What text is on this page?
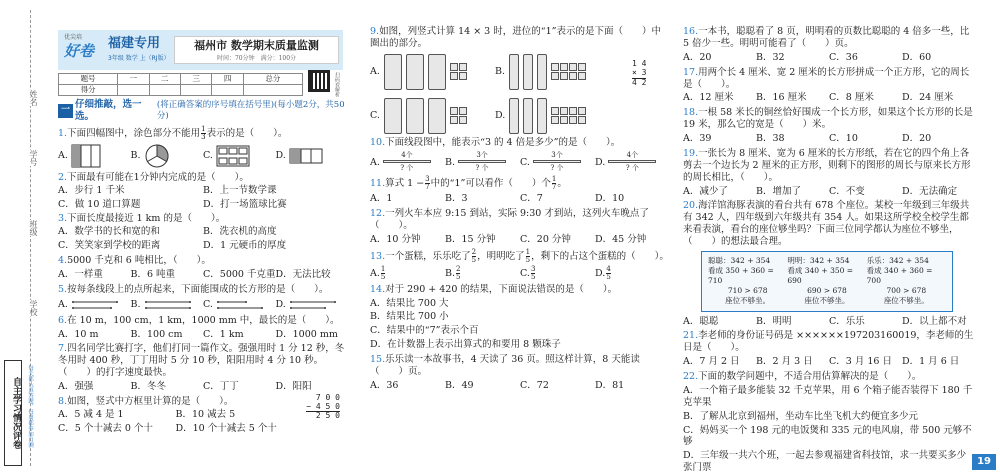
姓名
学号
班级
学校
自主学习情况评卷	每天都认真答题，每周都参加自测
优尖培
好卷	福建专用
3年级 数学 上（RJ版）
福州市 数学期末质量监测
时间：70分钟　满分：100分
题号	一	二	三	四	总分
得分						扫码看解析
一
仔细推敲，选一选。
(将正确答案的序号填在括号里)(每小题2分，共50分)
1.下面四幅图中，涂色部分不能用 $\frac{1}{3}$ 表示的是（　　）。
A.	B.	C.	D.
2.下面最有可能在1分钟内完成的是（　　）。
A．步行 1 千米	B．上一节数学课
C．做 10 道口算题	D．打一场篮球比赛
3.下面长度最接近 1 km 的是（　　）。
A．数学书的长和宽的和	B．洗衣机的高度
C．笑笑家到学校的距离	D．1 元硬币的厚度
4.5000 千克和 6 吨相比，（　　）。
A．一样重	B．6 吨重	C．5000 千克重 D．无法比较
5.按每条线段上的点所起来，下面能围成的长方形的是（　　）。
A.	B.	C.	D.
6.在 10 m，100 cm，1 km，1000 mm 中，最长的是（　　）。
A．10 m	B．100 cm	C．1 km	D．1000 mm
7.四名同学比赛打字，他们打同一篇作文。强强用时 1 分 12 秒，冬冬用时 400 秒，丁丁用时 5 分 10 秒，阳阳用时 4 分 10 秒。（　　）的打字速度最快。
A．强强	B．冬冬	C．丁丁	D．阳阳
8.如图，竖式中方框里计算的是（　　）。	7 0 0
− 4 5 0
2 5 0
A．5 减 4 是 1	B．10 减去 5
C．5 个十减去 0 个十	D．10 个十减去 5 个十
9.如图，列竖式计算 14 × 3 时，进位的“1”表示的是下面（　　）中圈出的部分。
1 4
× 3
4 2
A.	B.
C.	D.
10.下面线段图中，能表示“3 的 4 倍是多少”的是（　　）。
A.
4个
? 个
B.
3个
? 个
C.
3个
? 个
D.
4个
? 个
11.算式 $1 - \frac{3}{7}$ 中的“1”可以看作（　　）个 $\frac{1}{7}$ 。
A．1	B．3	C．7	D．10
12.一列火车本应 9:15 到站，实际 9:30 才到站，这列火车晚点了（　　）。
A．10 分钟	B．15 分钟	C．20 分钟	D．45 分钟
13.一个蛋糕，乐乐吃了 $\frac{2}{5}$ ，明明吃了 $\frac{1}{5}$ ，剩下的占这个蛋糕的（　　）。
A. $\frac{1}{5}$	B. $\frac{2}{5}$	C. $\frac{3}{5}$	D. $\frac{4}{5}$
14.对于 290 + 420 的结果，下面说法错误的是（　　）。
A．结果比 700 大
B．结果比 700 小
C．结果中的“7”表示个百
D．在计数器上表示出算式的和要用 8 颗珠子
15.乐乐读一本故事书，4 天读了 36 页。照这样计算，8 天能读（　　）页。
A．36	B．49	C．72	D．81
16.一本书，聪聪看了 8 页，明明看的页数比聪聪的 4 倍多一些，比 5 倍少一些。明明可能看了（　　）页。
A．20	B．32	C．36	D．60
17.用两个长 4 厘米、宽 2 厘米的长方形拼成一个正方形，它的周长是（　　）。
A．12 厘米	B．16 厘米	C．8 厘米	D．24 厘米
18.一根 58 米长的铜丝恰好围成一个长方形，如果这个长方形的长是 19 米，那么它的宽是（　　）米。
A．39	B．38	C．10	D．20
19.一张长为 8 厘米、宽为 6 厘米的长方形纸，若在它的四个角上各剪去一个边长为 2 厘米的正方形，则剩下的图形的周长与原来长方形的周长相比，（　　）。
A．减少了	B．增加了	C．不变	D．无法确定
20.海洋馆海豚表演的看台共有 678 个座位。某校一年级到三年级共有 342 人，四年级到六年级共有 354 人。如果这所学校全校学生都来看表演，看台的座位够坐吗？下面三位同学都认为座位不够坐，（　　）的想法最合理。
聪聪：342 + 354
看成 350 + 360 = 710
710 > 678
座位不够坐。
明明：342 + 354
看成 340 + 350 = 690
690 > 678
座位不够坐。
乐乐：342 + 354
看成 340 + 360 = 700
700 > 678
座位不够坐。
A．聪聪	B．明明	C．乐乐	D．以上都不对
21.李老师的身份证号码是 ××××××19720316001​9，李老师的生日是（　　）。
A．7 月 2 日	B．2 月 3 日	C．3 月 16 日	D．1 月 6 日
22.下面的数学问题中，不适合用估算解决的是（　　）。
A．一个箱子最多能装 32 千克苹果，用 6 个箱子能否装得下 180 千克苹果
B．了解从北京到福州，坐动车比坐飞机大约便宜多少元
C．妈妈买一个 198 元的电饭煲和 335 元的电风扇，带 500 元够不够
D．三年级一共六个班，一起去参观福建省科技馆，求一共要买多少张门票
19
